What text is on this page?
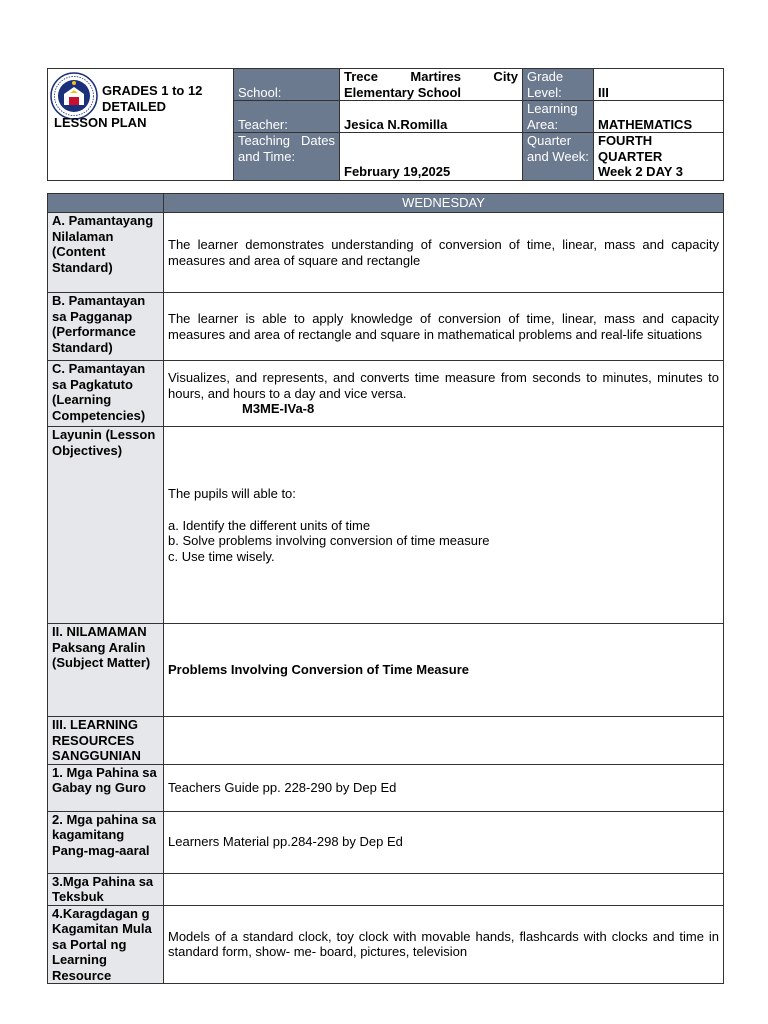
GRADES 1 to 12
DETAILED
LESSON PLAN	School:	Trece Martires City Elementary School	Grade Level:	III
	Teacher:	Jesica N.Romilla	Learning Area:	MATHEMATICS

	Teaching Dates and Time:	February 19,2025	Quarter and Week:	FOURTH
QUARTER
Week 2 DAY 3
	WEDNESDAY
A. Pamantayang Nilalaman (Content Standard)	The learner demonstrates understanding of conversion of time, linear, mass and capacity measures and area of square and rectangle
B. Pamantayan sa Pagganap (Performance Standard)	The learner is able to apply knowledge of conversion of time, linear, mass and capacity measures and area of rectangle and square in mathematical problems and real-life situations
C. Pamantayan sa Pagkatuto (Learning Competencies)	Visualizes, and represents, and converts time measure from seconds to minutes, minutes to hours, and hours to a day and vice versa.
M3ME-IVa-8

Layunin (Lesson Objectives)	The pupils will able to:

a. Identify the different units of time

b. Solve problems involving conversion of time measure

c. Use time wisely.

II. NILAMAMAN Paksang Aralin (Subject Matter)	Problems Involving Conversion of Time Measure
III. LEARNING RESOURCES SANGGUNIAN	
1. Mga Pahina sa Gabay ng Guro	Teachers Guide pp. 228-290 by Dep Ed
2. Mga pahina sa kagamitang Pang-mag-aaral	Learners Material pp.284-298 by Dep Ed
3.Mga Pahina sa Teksbuk	
4.Karagdagan g Kagamitan Mula sa Portal ng Learning Resource	Models of a standard clock, toy clock with movable hands, flashcards with clocks and time in standard form, show- me- board, pictures, television
